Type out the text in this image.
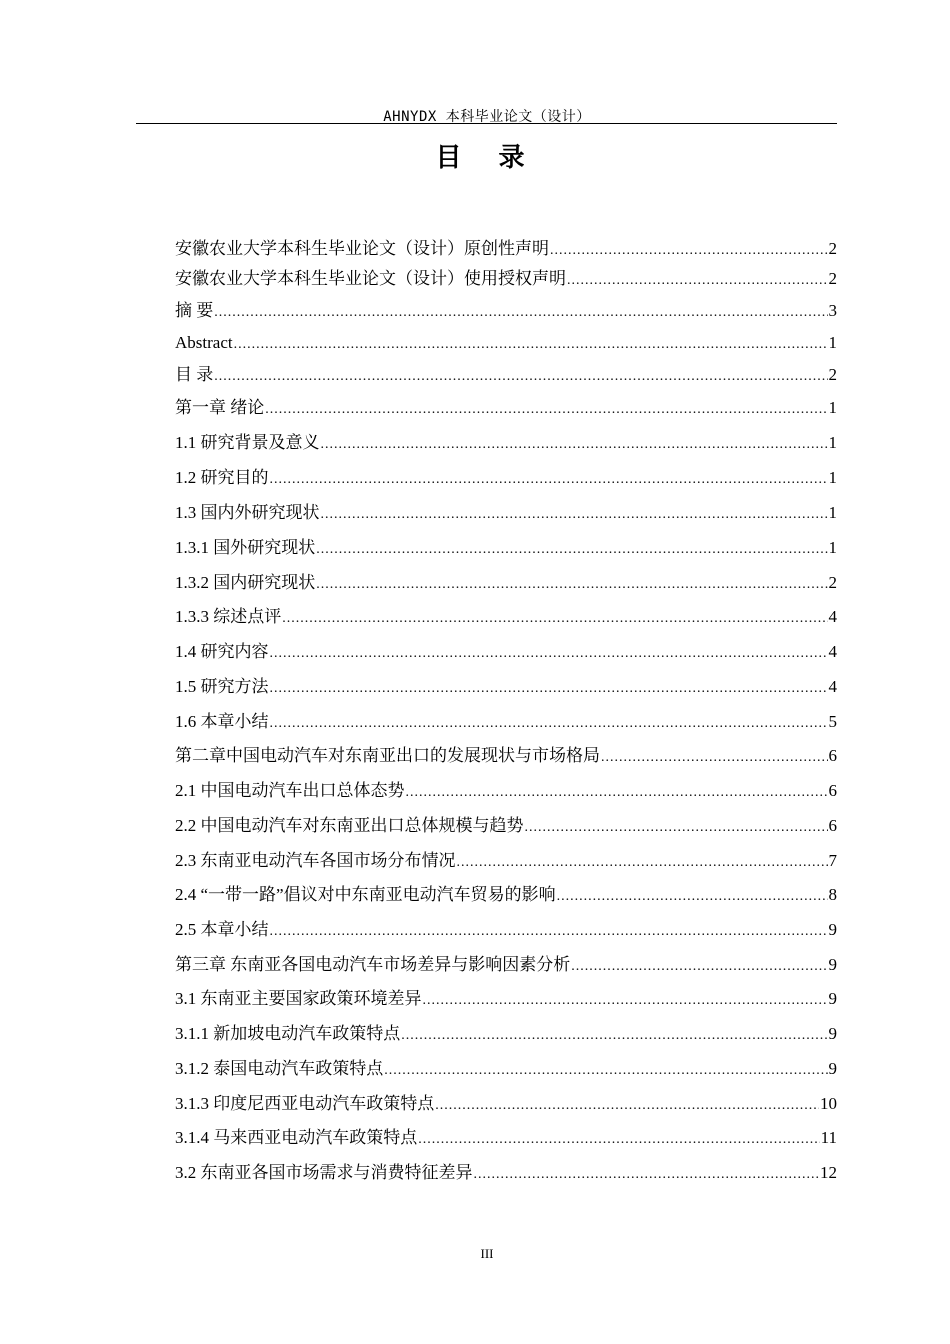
AHNYDX 本科毕业论文（设计）
目 录
安徽农业大学本科生毕业论文（设计）原创性声明 .....	2
安徽农业大学本科生毕业论文（设计）使用授权声明 .....	2
摘 要 .....	3
Abstract .....	1
目 录 .....	2
第一章 绪论 .....	1
1.1 研究背景及意义 .....	1
1.2 研究目的 .....	1
1.3 国内外研究现状 .....	1
1.3.1 国外研究现状 .....	1
1.3.2 国内研究现状 .....	2
1.3.3 综述点评 .....	4
1.4 研究内容 .....	4
1.5 研究方法 .....	4
1.6 本章小结 .....	5
第二章中国电动汽车对东南亚出口的发展现状与市场格局 .....	6
2.1 中国电动汽车出口总体态势 .....	6
2.2 中国电动汽车对东南亚出口总体规模与趋势 .....	6
2.3 东南亚电动汽车各国市场分布情况 .....	7
2.4 “一带一路”倡议对中东南亚电动汽车贸易的影响 .....	8
2.5 本章小结 .....	9
第三章 东南亚各国电动汽车市场差异与影响因素分析 .....	9
3.1 东南亚主要国家政策环境差异 .....	9
3.1.1 新加坡电动汽车政策特点 .....	9
3.1.2 泰国电动汽车政策特点 .....	9
3.1.3 印度尼西亚电动汽车政策特点 .....	10
3.1.4 马来西亚电动汽车政策特点 .....	11
3.2 东南亚各国市场需求与消费特征差异 .....	12
III
